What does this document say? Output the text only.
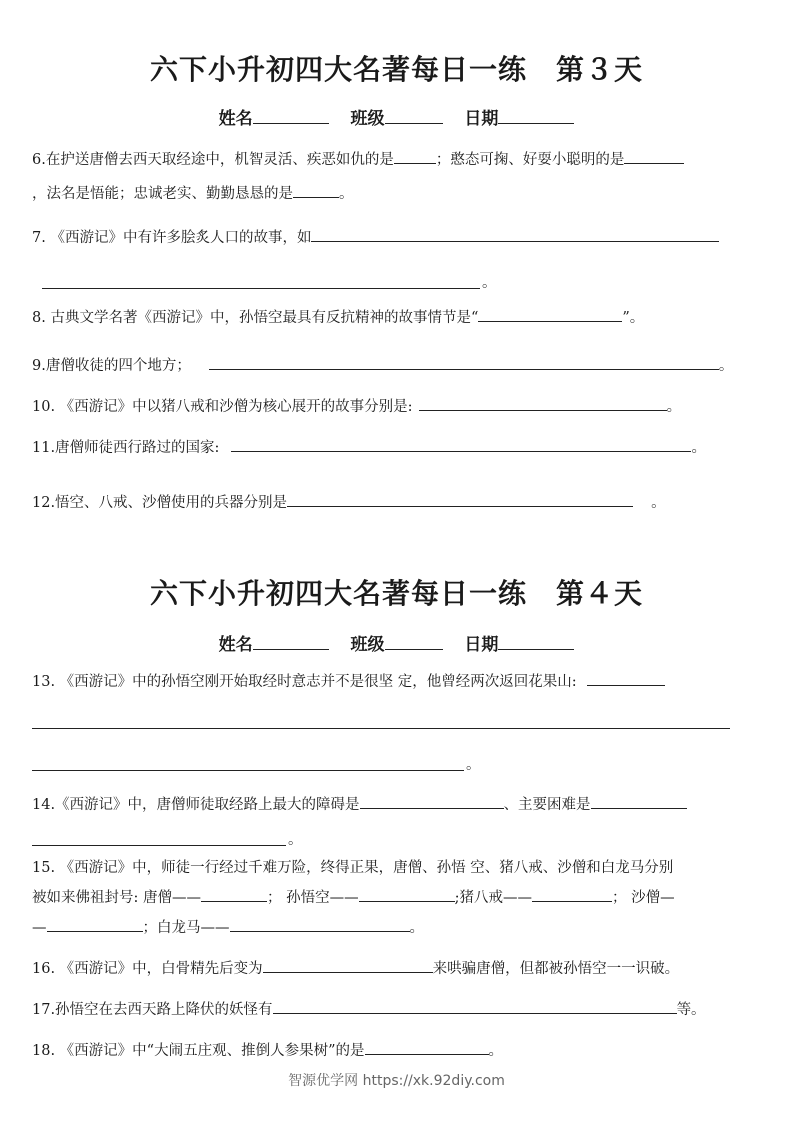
六下小升初四大名著每日一练　第３天
姓名	班级	日期

6.在护送唐僧去西天取经途中，机智灵活、疾恶如仇的是	；憨态可掬、好耍小聪明的是

，法名是悟能；忠诚老实、勤勤恳恳的是	。

7. 《西游记》中有许多脍炙人口的故事，如

。

8. 古典文学名著《西游记》中，孙悟空最具有反抗精神的故事情节是“	”。

9.唐僧收徒的四个地方；	。

10. 《西游记》中以猪八戒和沙僧为核心展开的故事分别是:	。

11.唐僧师徒西行路过的国家:	。

12.悟空、八戒、沙僧使用的兵器分别是	。

六下小升初四大名著每日一练　第４天
姓名	班级	日期

13. 《西游记》中的孙悟空刚开始取经时意志并不是很坚 定，他曾经两次返回花果山:

。

14.《西游记》中，唐僧师徒取经路上最大的障碍是	、主要困难是

。

15. 《西游记》中，师徒一行经过千难万险，终得正果，唐僧、孙悟 空、猪八戒、沙僧和白龙马分别

被如来佛祖封号: 唐僧——	； 孙悟空——	;猪八戒——	； 沙僧—

—	；白龙马——	。

16. 《西游记》中，白骨精先后变为	来哄骗唐僧，但都被孙悟空一一识破。

17.孙悟空在去西天路上降伏的妖怪有	等。

18. 《西游记》中“大闹五庄观、推倒人参果树”的是	。

智源优学网 https://xk.92diy.com
